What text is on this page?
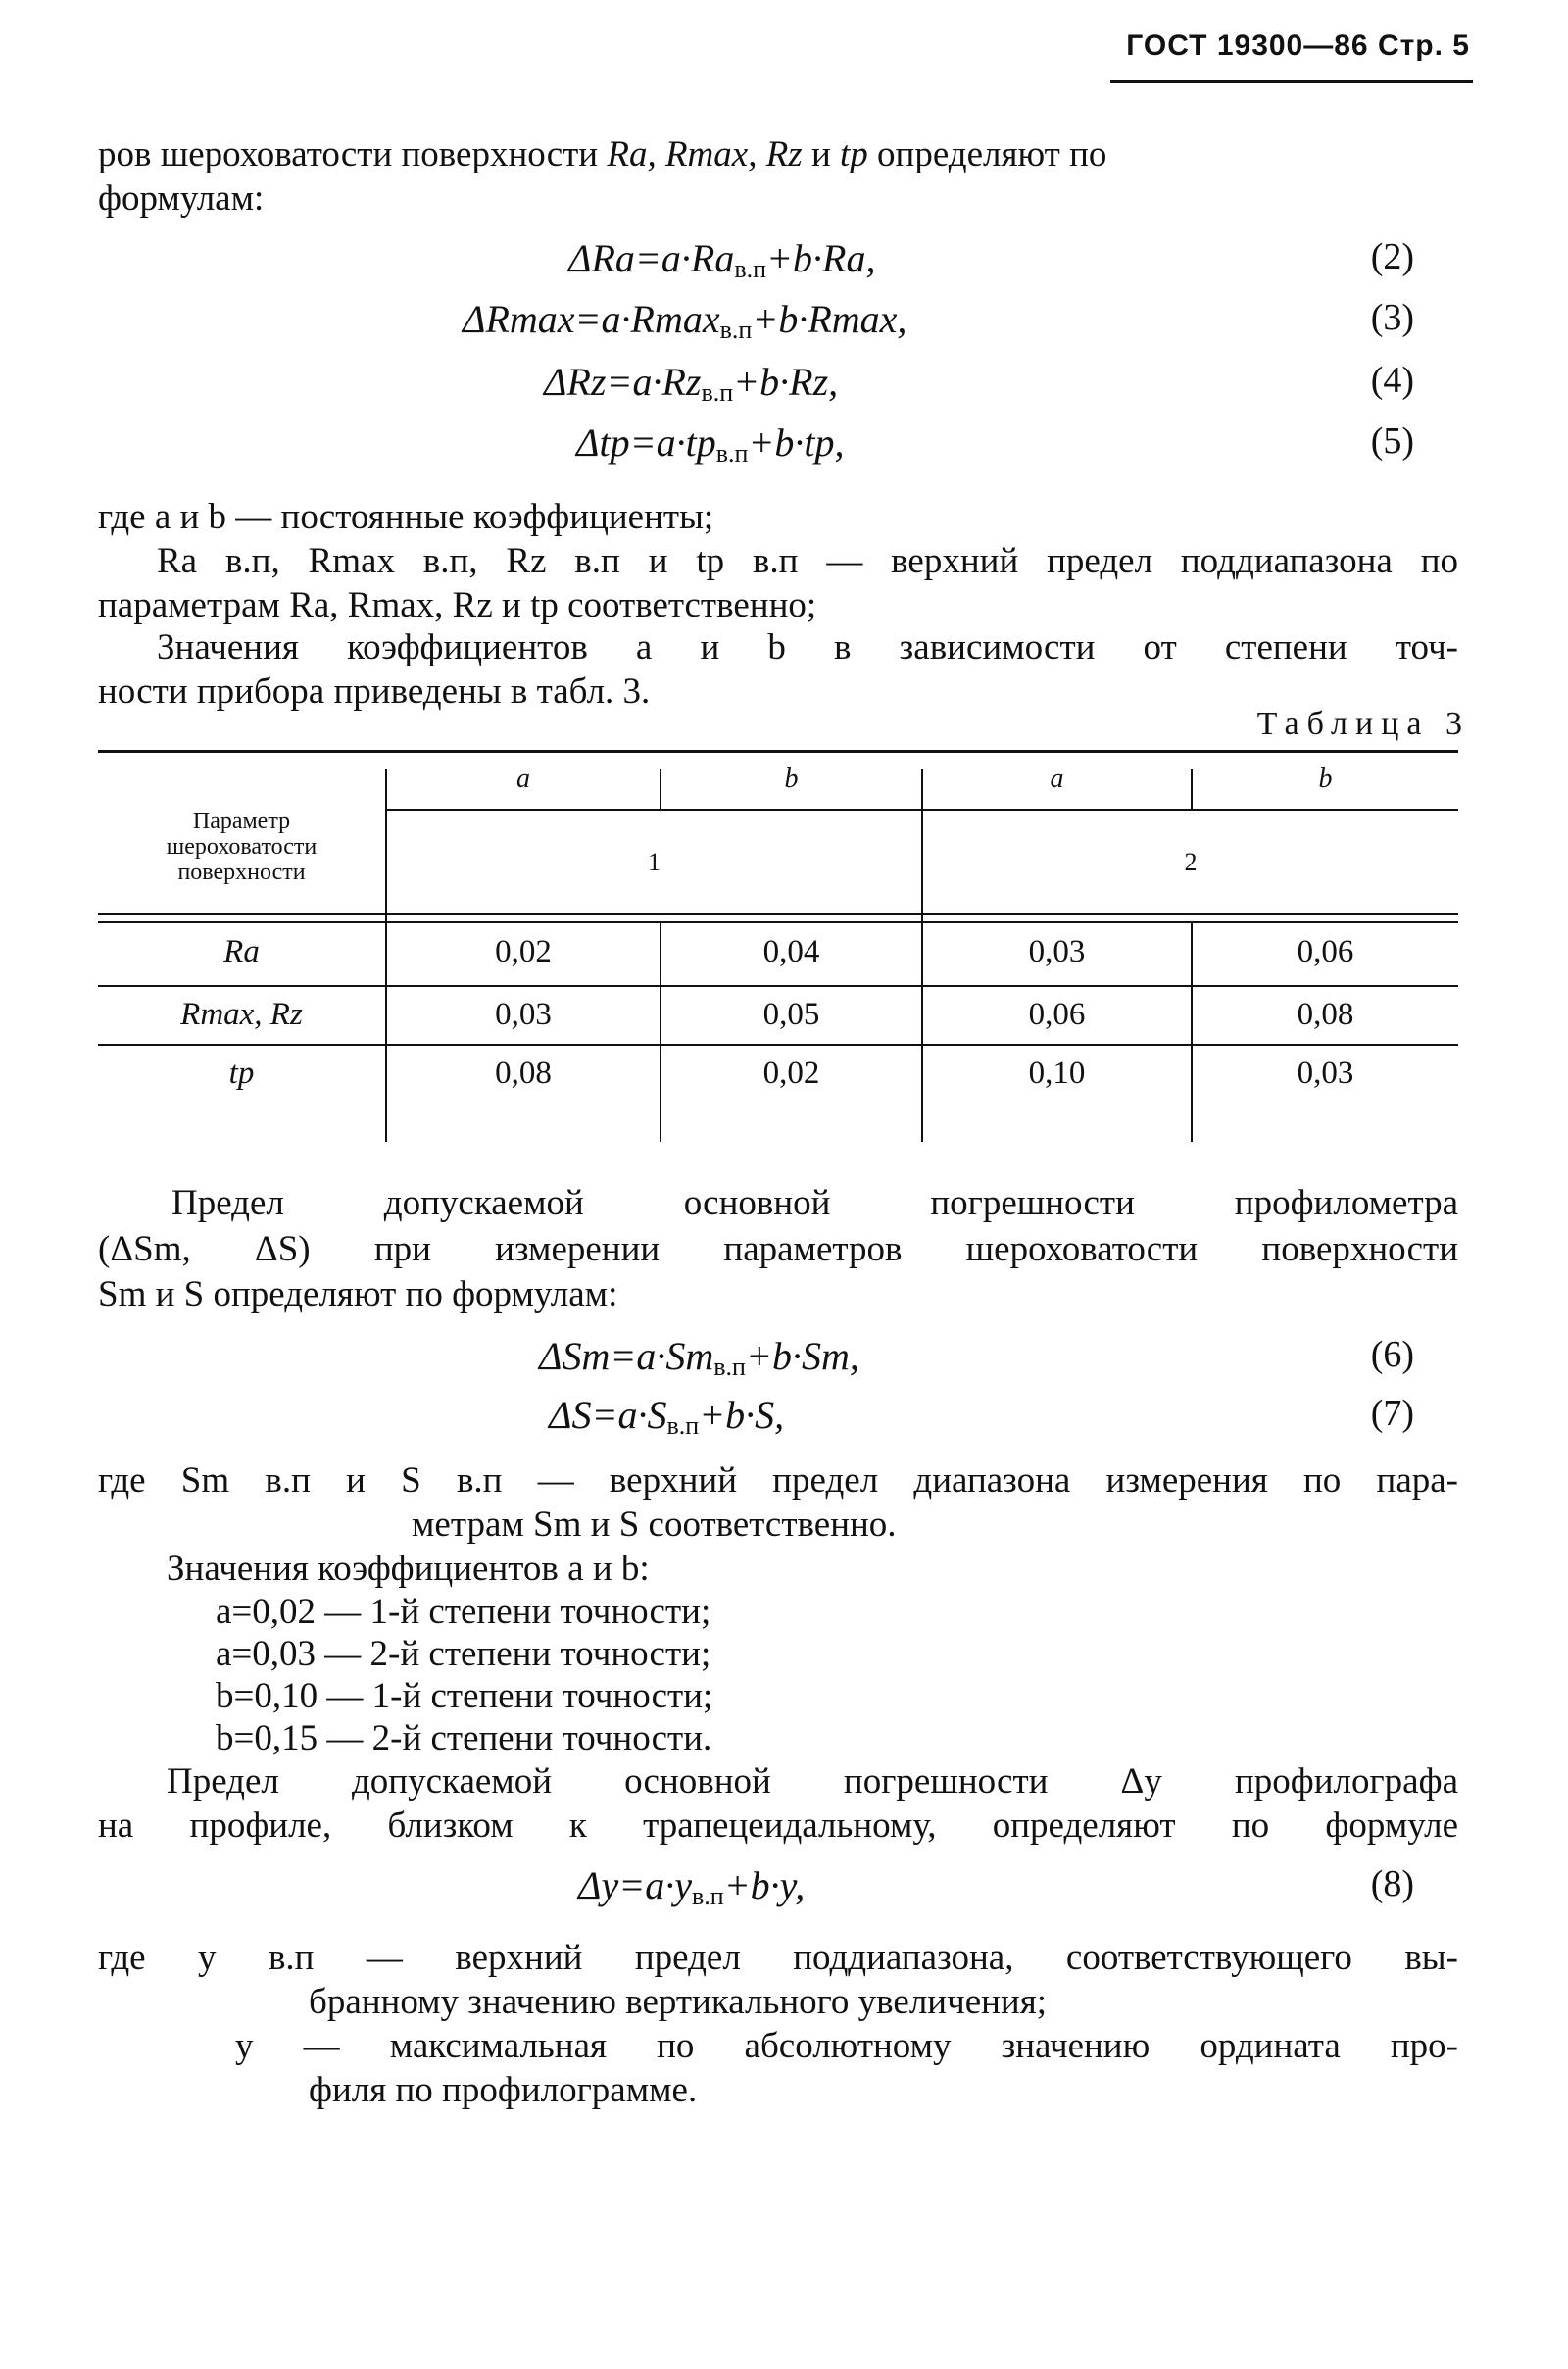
ГОСТ 19300—86 Стр. 5
ров шероховатости поверхности Ra, Rmax, Rz и tp определяют по
формулам:
$\Delta Ra=a\cdot Ra_{в.п}+b\cdot Ra$,	(2)
ΔRmax=a·Rmax$_{в.п}$+b·Rmax,	(3)
$\Delta Rz=a\cdot Rz_{в.п}+b\cdot Rz$,	(4)
$\Delta tp=a\cdot tp_{в.п}+b\cdot tp$,	(5)
где a и b — постоянные коэффициенты;
Ra в.п, Rmax в.п, Rz в.п и tp в.п — верхний предел поддиапазона по
параметрам Ra, Rmax, Rz и tp соответственно;
Значения коэффициентов a и b в зависимости от степени точ-
ности прибора приведены в табл. 3.
Таблица 3
Параметр
шероховатости
поверхности
a	b	a	b
1	2
Ra	0,02	0,04	0,03	0,06
Rmax, Rz	0,03	0,05	0,06	0,08
tp	0,08	0,02	0,10	0,03
Предел допускаемой основной погрешности профилометра
(ΔSm, ΔS) при измерении параметров шероховатости поверхности
Sm и S определяют по формулам:
$\Delta Sm=a\cdot Sm_{в.п}+b\cdot Sm$,	(6)
$\Delta S=a\cdot S_{в.п}+b\cdot S$,	(7)
где Sm в.п и S в.п — верхний предел диапазона измерения по пара-
метрам Sm и S соответственно.
Значения коэффициентов a и b:
a=0,02 — 1-й степени точности;
a=0,03 — 2-й степени точности;
b=0,10 — 1-й степени точности;
b=0,15 — 2-й степени точности.
Предел допускаемой основной погрешности Δy профилографа
на профиле, близком к трапецеидальному, определяют по формуле
$\Delta y=a\cdot y_{в.п}+b\cdot y$,	(8)
где y в.п — верхний предел поддиапазона, соответствующего вы-
бранному значению вертикального увеличения;
y — максимальная по абсолютному значению ордината про-
филя по профилограмме.
